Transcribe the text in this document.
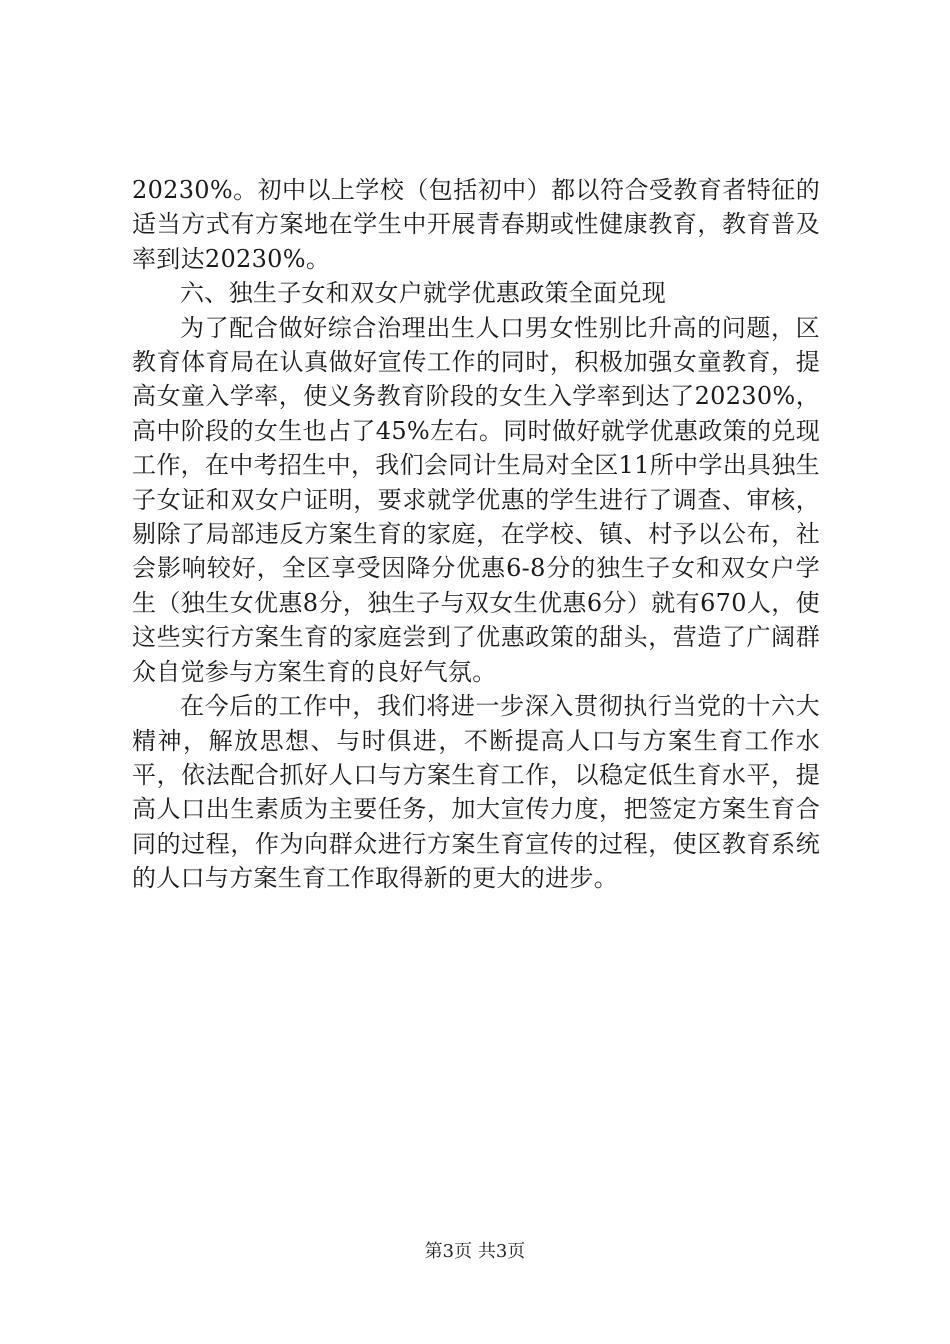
20230%。初中以上学校（包括初中）都以符合受教育者特征的适当方式有方案地在学生中开展青春期或性健康教育，教育普及率到达20230%。

六、独生子女和双女户就学优惠政策全面兑现

为了配合做好综合治理出生人口男女性别比升高的问题，区教育体育局在认真做好宣传工作的同时，积极加强女童教育，提高女童入学率，使义务教育阶段的女生入学率到达了20230%，高中阶段的女生也占了45%左右。同时做好就学优惠政策的兑现工作，在中考招生中，我们会同计生局对全区11所中学出具独生子女证和双女户证明，要求就学优惠的学生进行了调查、审核，剔除了局部违反方案生育的家庭，在学校、镇、村予以公布，社会影响较好，全区享受因降分优惠6-8分的独生子女和双女户学生（独生女优惠8分，独生子与双女生优惠6分）就有670人，使这些实行方案生育的家庭尝到了优惠政策的甜头，营造了广阔群众自觉参与方案生育的良好气氛。

在今后的工作中，我们将进一步深入贯彻执行当党的十六大精神，解放思想、与时俱进，不断提高人口与方案生育工作水平，依法配合抓好人口与方案生育工作，以稳定低生育水平，提高人口出生素质为主要任务，加大宣传力度，把签定方案生育合同的过程，作为向群众进行方案生育宣传的过程，使区教育系统的人口与方案生育工作取得新的更大的进步。

第3页 共3页
